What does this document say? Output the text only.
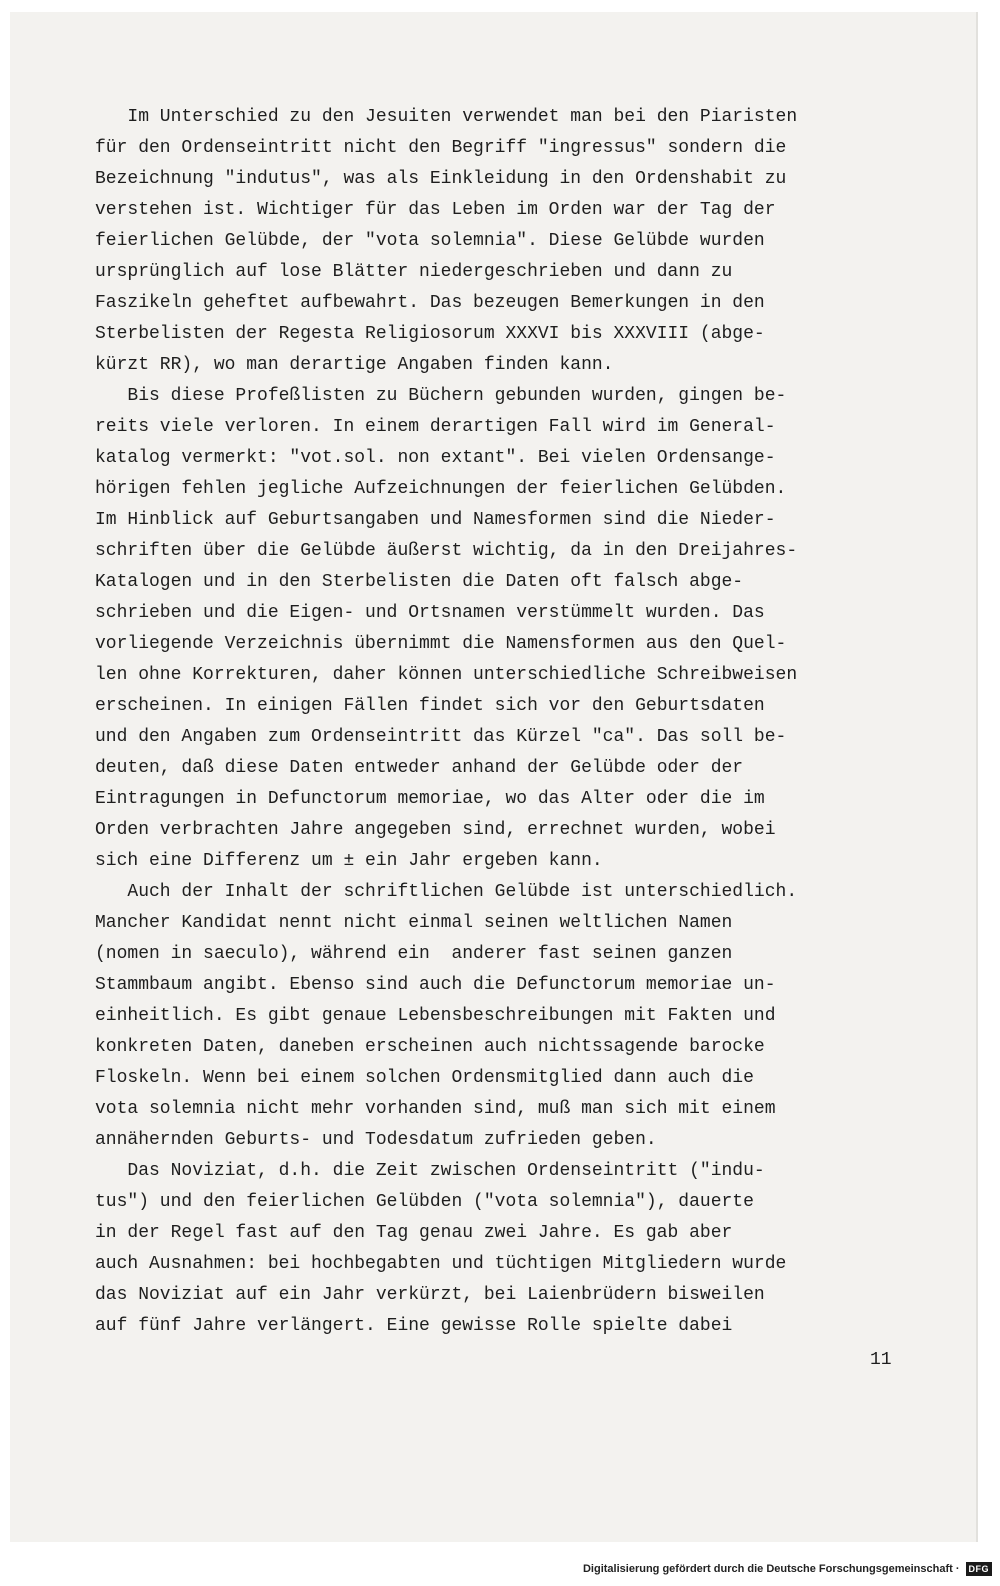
Im Unterschied zu den Jesuiten verwendet man bei den Piaristen
für den Ordenseintritt nicht den Begriff "ingressus" sondern die
Bezeichnung "indutus", was als Einkleidung in den Ordenshabit zu
verstehen ist. Wichtiger für das Leben im Orden war der Tag der
feierlichen Gelübde, der "vota solemnia". Diese Gelübde wurden
ursprünglich auf lose Blätter niedergeschrieben und dann zu
Faszikeln geheftet aufbewahrt. Das bezeugen Bemerkungen in den
Sterbelisten der Regesta Religiosorum XXXVI bis XXXVIII (abge-
kürzt RR), wo man derartige Angaben finden kann.
Bis diese Profeßlisten zu Büchern gebunden wurden, gingen be-
reits viele verloren. In einem derartigen Fall wird im General-
katalog vermerkt: "vot.sol. non extant". Bei vielen Ordensange-
hörigen fehlen jegliche Aufzeichnungen der feierlichen Gelübden.
Im Hinblick auf Geburtsangaben und Namesformen sind die Nieder-
schriften über die Gelübde äußerst wichtig, da in den Dreijahres-
Katalogen und in den Sterbelisten die Daten oft falsch abge-
schrieben und die Eigen- und Ortsnamen verstümmelt wurden. Das
vorliegende Verzeichnis übernimmt die Namensformen aus den Quel-
len ohne Korrekturen, daher können unterschiedliche Schreibweisen
erscheinen. In einigen Fällen findet sich vor den Geburtsdaten
und den Angaben zum Ordenseintritt das Kürzel "ca". Das soll be-
deuten, daß diese Daten entweder anhand der Gelübde oder der
Eintragungen in Defunctorum memoriae, wo das Alter oder die im
Orden verbrachten Jahre angegeben sind, errechnet wurden, wobei
sich eine Differenz um ± ein Jahr ergeben kann.
Auch der Inhalt der schriftlichen Gelübde ist unterschiedlich.
Mancher Kandidat nennt nicht einmal seinen weltlichen Namen
(nomen in saeculo), während ein  anderer fast seinen ganzen
Stammbaum angibt. Ebenso sind auch die Defunctorum memoriae un-
einheitlich. Es gibt genaue Lebensbeschreibungen mit Fakten und
konkreten Daten, daneben erscheinen auch nichtssagende barocke
Floskeln. Wenn bei einem solchen Ordensmitglied dann auch die
vota solemnia nicht mehr vorhanden sind, muß man sich mit einem
annähernden Geburts- und Todesdatum zufrieden geben.
Das Noviziat, d.h. die Zeit zwischen Ordenseintritt ("indu-
tus") und den feierlichen Gelübden ("vota solemnia"), dauerte
in der Regel fast auf den Tag genau zwei Jahre. Es gab aber
auch Ausnahmen: bei hochbegabten und tüchtigen Mitgliedern wurde
das Noviziat auf ein Jahr verkürzt, bei Laienbrüdern bisweilen
auf fünf Jahre verlängert. Eine gewisse Rolle spielte dabei
11
Digitalisierung gefördert durch die Deutsche Forschungsgemeinschaft ·	DFG
